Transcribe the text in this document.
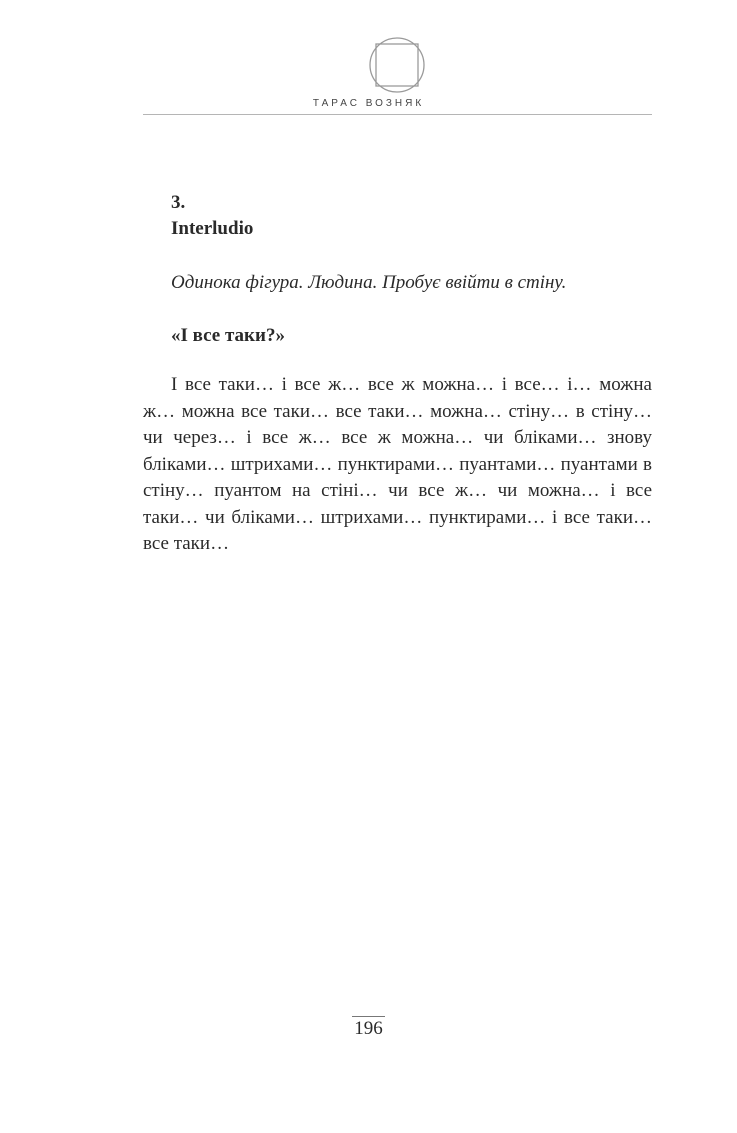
ТАРАС ВОЗНЯК
3.
Interludio
Одинока фігура. Людина. Пробує ввійти в стіну.
«І все таки?»

І все таки… і все ж… все ж можна… і все… і… можна ж… можна все таки… все таки… можна… стіну… в стіну… чи через… і все ж… все ж можна… чи бліками… знову бліками… штрихами… пунктирами… пуантами… пуантами в стіну… пуантом на стіні… чи все ж… чи можна… і все таки… чи бліками… штрихами… пунктирами… і все таки… все таки…

196
